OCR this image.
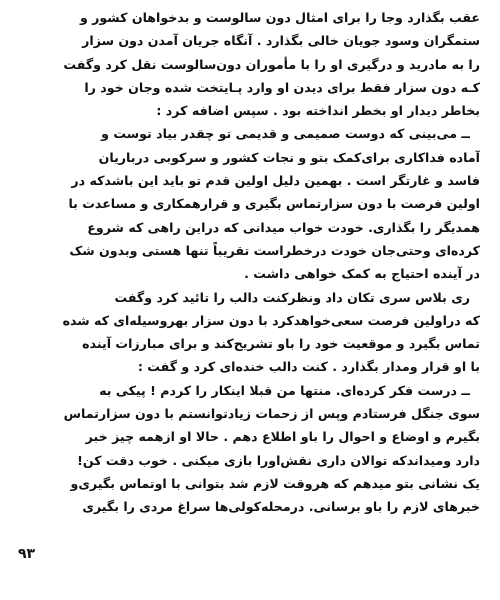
عقب بگذارد وجا را برای امثال دون سالوست و بدخواهان کشور و
ستمگران وسود جویان خالی بگذارد . آنگاه جریان آمدن دون سزار
را به مادرید و درگیری او را با مأموران دون‌سالوست نقل کرد وگفت
کـه دون سزار فقط برای دیدن او وارد پـایتخت شده وجان خود را
بخاطر دیدار او بخطر انداخته بود . سپس اضافه کرد :
ــ می‌بینی که دوست صمیمی و قدیمی تو چقدر بیاد توست و
آماده فداکاری برای‌کمک بتو و نجات کشور و سرکوبی درباریان
فاسد و غارتگر است . بهمین دلیل اولین قدم تو باید این باشدکه در
اولین فرصت با دون سزارتماس بگیری و قرارهمکاری و مساعدت با
همدیگر را بگذاری. خودت خواب میدانی که دراین راهی که شروع
کرده‌ای وحتی‌جان خودت درخطراست تقریباً تنها هستی وبدون شک
در آینده احتیاج به کمک خواهی داشت .
ری بلاس سری تکان داد ونظرکنت دالب را تائید کرد وگفت
که دراولین فرصت سعی‌خواهدکرد با دون سزار بهروسیله‌ای که شده
تماس بگیرد و موقعیت خود را باو تشریح‌کند و برای مبارزات آینده
با او قرار ومدار بگذارد . کنت دالب خنده‌ای کرد و گفت :
ــ درست فکر کرده‌ای. منتها من قبلا اینکار را کردم ! پیکی به
سوی جنگل فرستادم وپس از زحمات زیادتوانستم با دون سزارتماس
بگیرم و اوضاع و احوال را باو اطلاع دهم . حالا او ازهمه چیز خبر
دارد ومیداندکه تو‌الان داری نقش‌اورا بازی میکنی . خوب دقت کن!
یک نشانی بتو میدهم که هروقت لازم شد بتوانی با اوتماس بگیری‌و
خبرهای لازم را باو برسانی. درمحله‌کولی‌ها سراغ مردی را بگیری
۹۳
